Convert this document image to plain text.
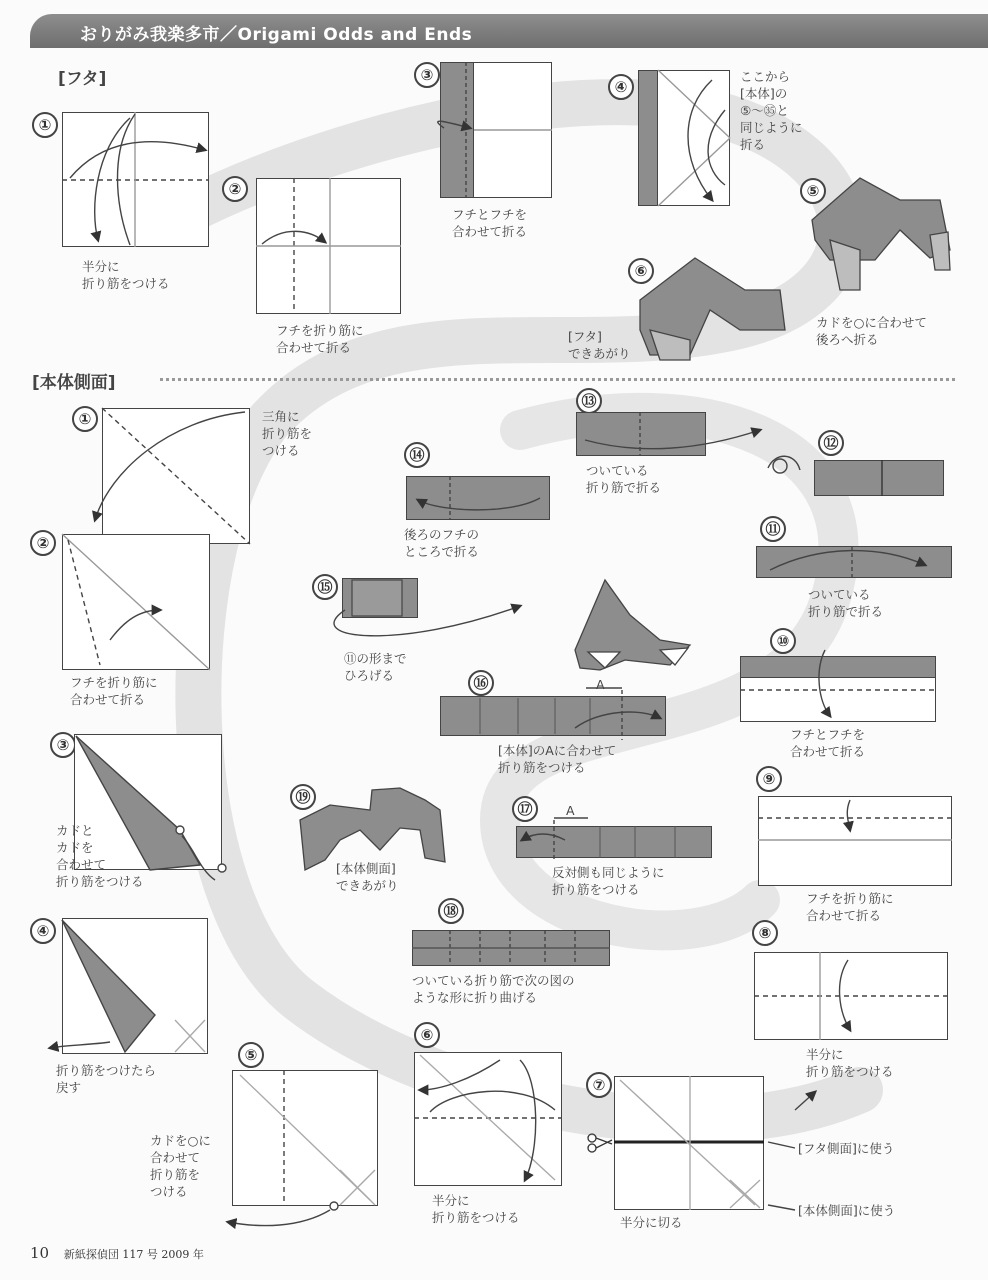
おりがみ我楽多市／Origami Odds and Ends
[フタ]
[本体側面]
①
半分に
折り筋をつける
②
フチを折り筋に
合わせて折る
③
フチとフチを
合わせて折る
④
ここから
[本体]の
⑤〜㉟と
同じように
折る
⑤
カドを○に合わせて
後ろへ折る
⑥
[フタ]
できあがり
①	三角に
折り筋を
つける
②
フチを折り筋に
合わせて折る
③
カドと
カドを
合わせて
折り筋をつける
④
折り筋をつけたら
戻す
⑤
カドを○に
合わせて
折り筋を
つける
⑥
半分に
折り筋をつける
⑦
半分に切る
[フタ側面]に使う
[本体側面]に使う
⑧
半分に
折り筋をつける
⑨
フチを折り筋に
合わせて折る
⑩
フチとフチを
合わせて折る
⑪
ついている
折り筋で折る
⑫
⑬
ついている
折り筋で折る
⑭
後ろのフチの
ところで折る
⑮
⑪の形まで
ひろげる	⑯	A
[本体]のAに合わせて
折り筋をつける
⑰	A
反対側も同じように
折り筋をつける
⑱
ついている折り筋で次の図の
ような形に折り曲げる
⑲
[本体側面]
できあがり
10 新紙探偵団 117 号 2009 年
